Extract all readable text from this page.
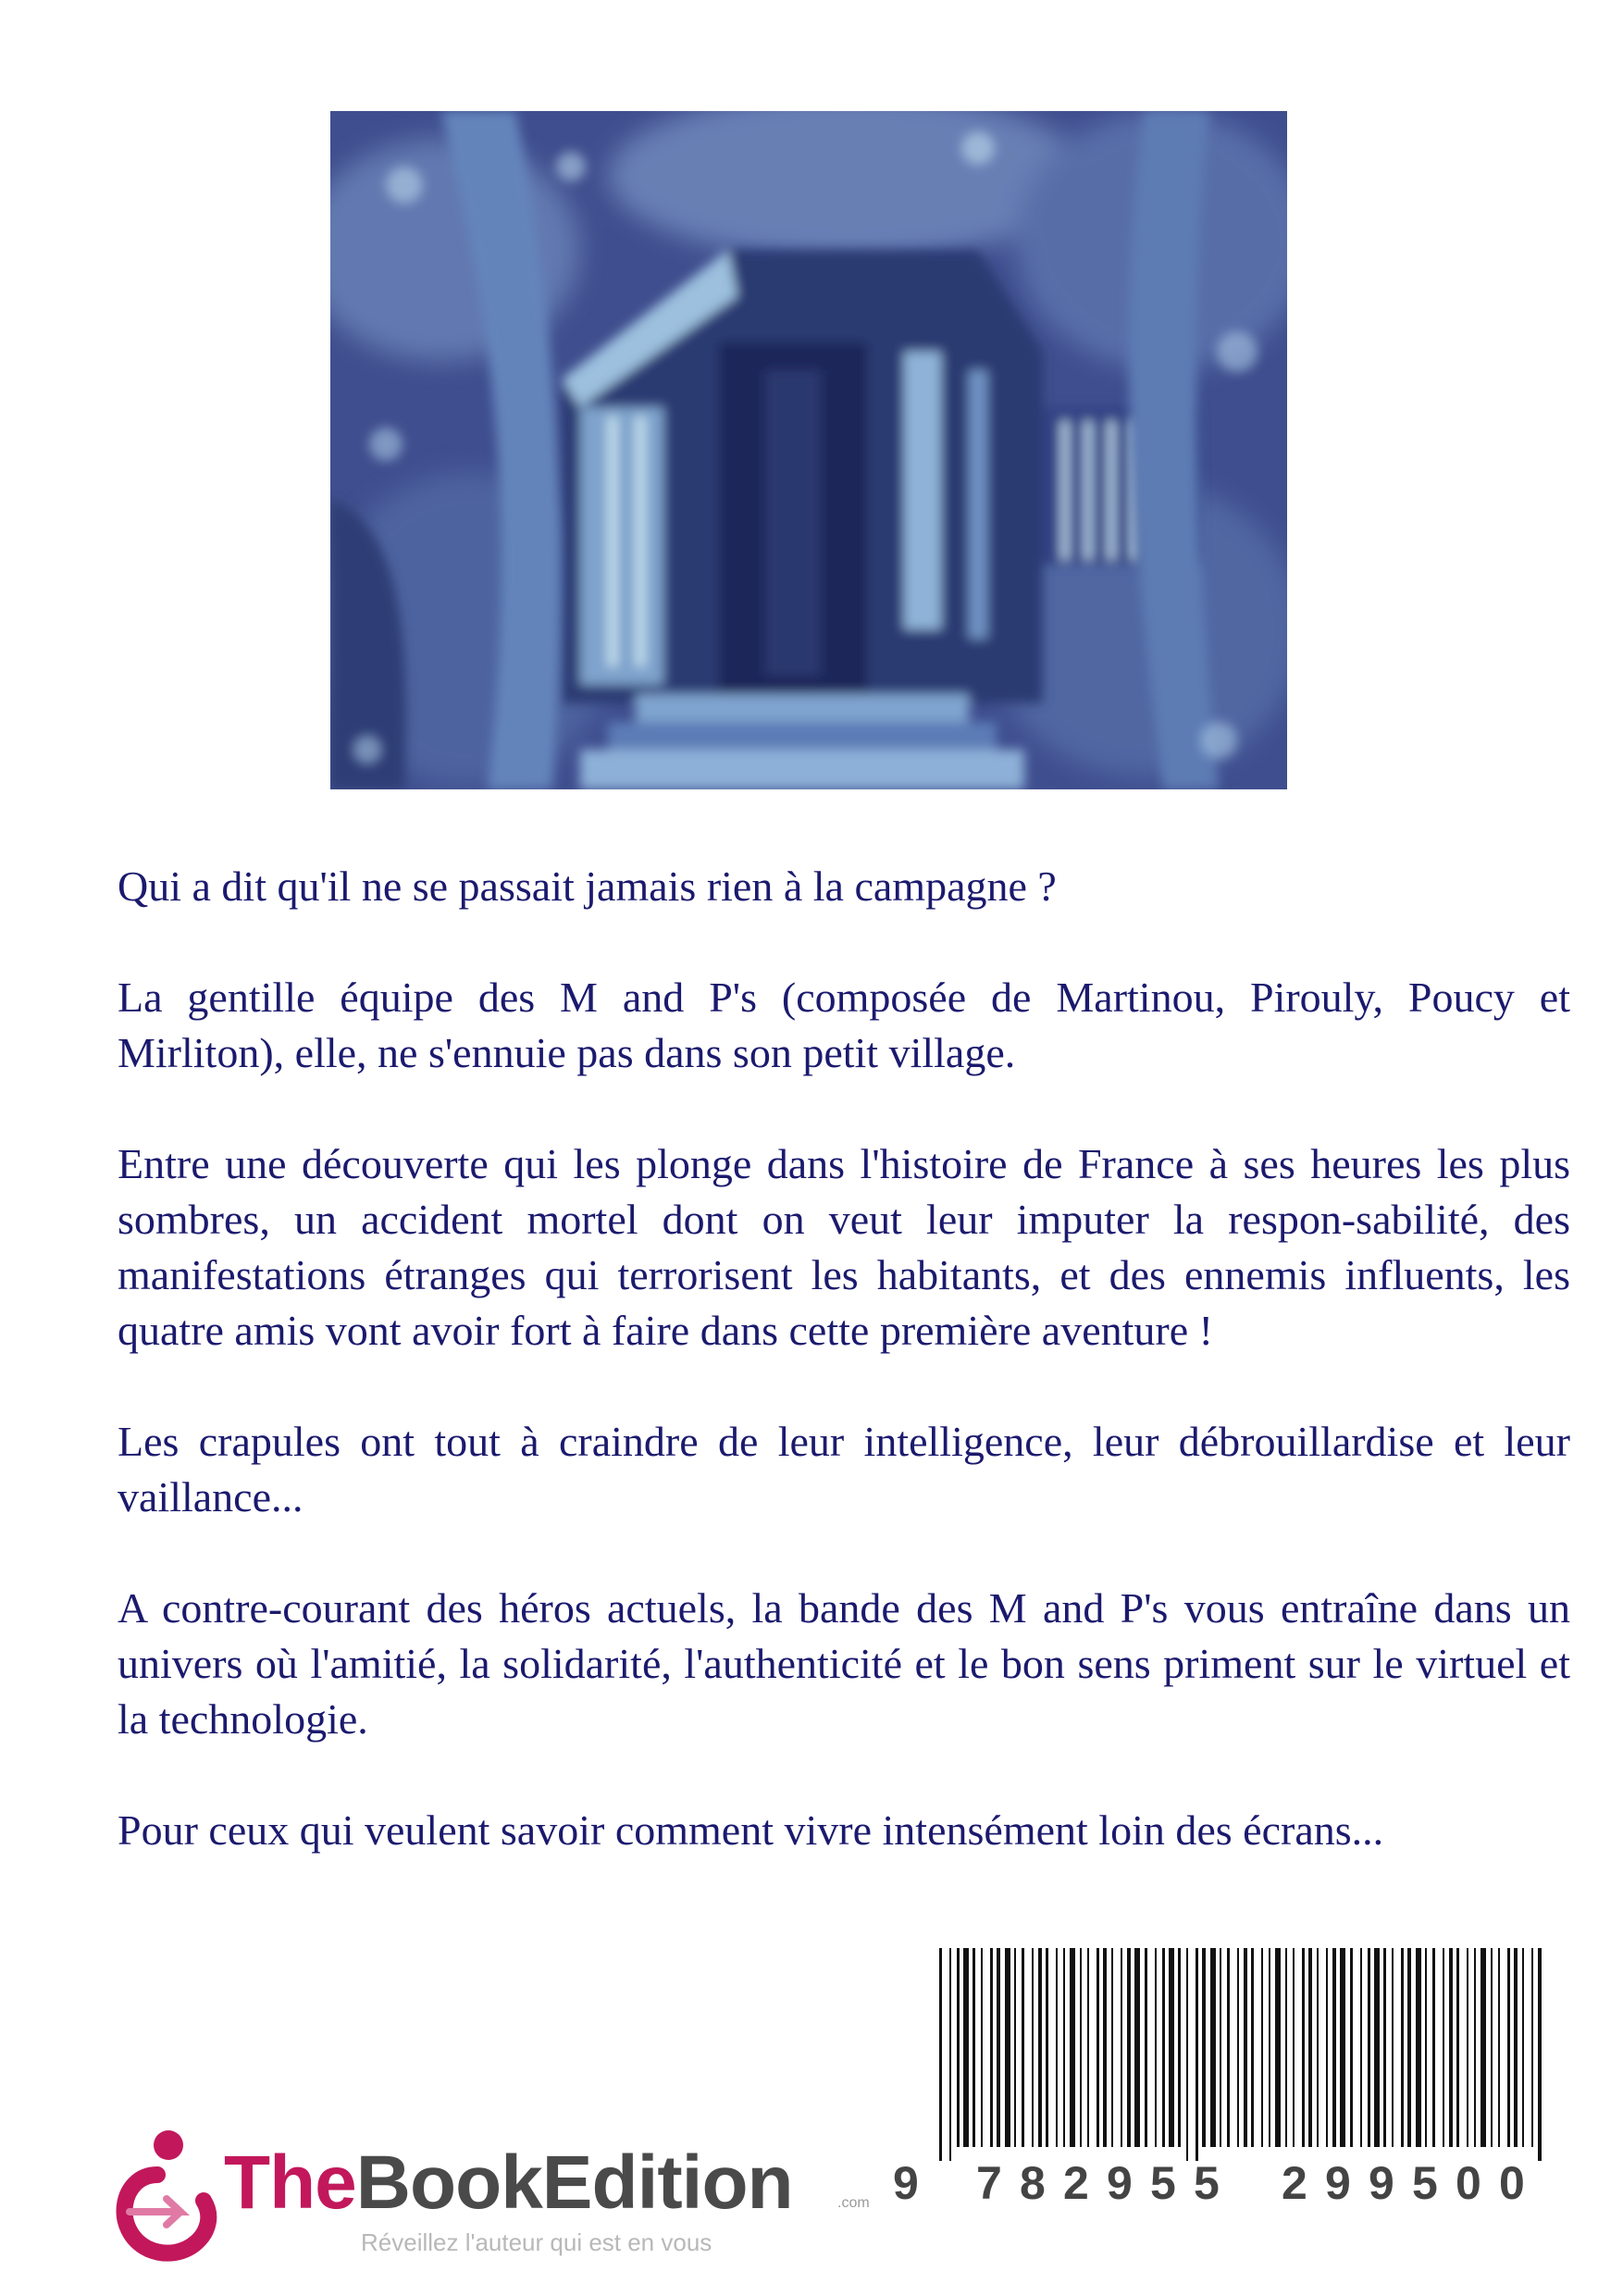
Qui a dit qu'il ne se passait jamais rien à la campagne ?

La gentille équipe des M and P's (composée de Martinou, Pirouly, Poucy et Mirliton), elle, ne s'ennuie pas dans son petit village.

Entre une découverte qui les plonge dans l'histoire de France à ses heures les plus sombres, un accident mortel dont on veut leur imputer la respon-sabilité, des manifestations étranges qui terrorisent les habitants, et des ennemis influents, les quatre amis vont avoir fort à faire dans cette première aventure !

Les crapules ont tout à craindre de leur intelligence, leur débrouillardise et leur vaillance...

A contre-courant des héros actuels, la bande des M and P's vous entraîne dans un univers où l'amitié, la solidarité, l'authenticité et le bon sens priment sur le virtuel et la technologie.

Pour ceux qui veulent savoir comment vivre intensément loin des écrans...

TheBookEdition	.com
Réveillez l'auteur qui est en vous
9 7 8 2 9 5 5 2 9 9 5 0 0
